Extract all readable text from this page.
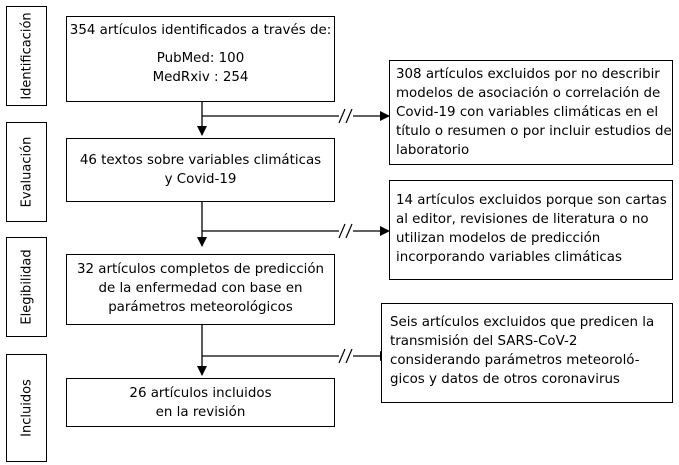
Identificación
Evaluación
Elegibilidad
Incluidos
354 artículos identificados a través de:
PubMed: 100
MedRxiv : 254
46 textos sobre variables climáticas
y Covid-19
32 artículos completos de predicción
de la enfermedad con base en
parámetros meteorológicos
26 artículos incluidos
en la revisión
308 artículos excluidos por no describir
modelos de asociación o correlación de
Covid-19 con variables climáticas en el
título o resumen o por incluir estudios de
laboratorio
14 artículos excluidos porque son cartas
al editor, revisiones de literatura o no
utilizan modelos de predicción
incorporando variables climáticas
Seis artículos excluidos que predicen la
transmisión del SARS-CoV-2
considerando parámetros meteoroló-
gicos y datos de otros coronavirus
